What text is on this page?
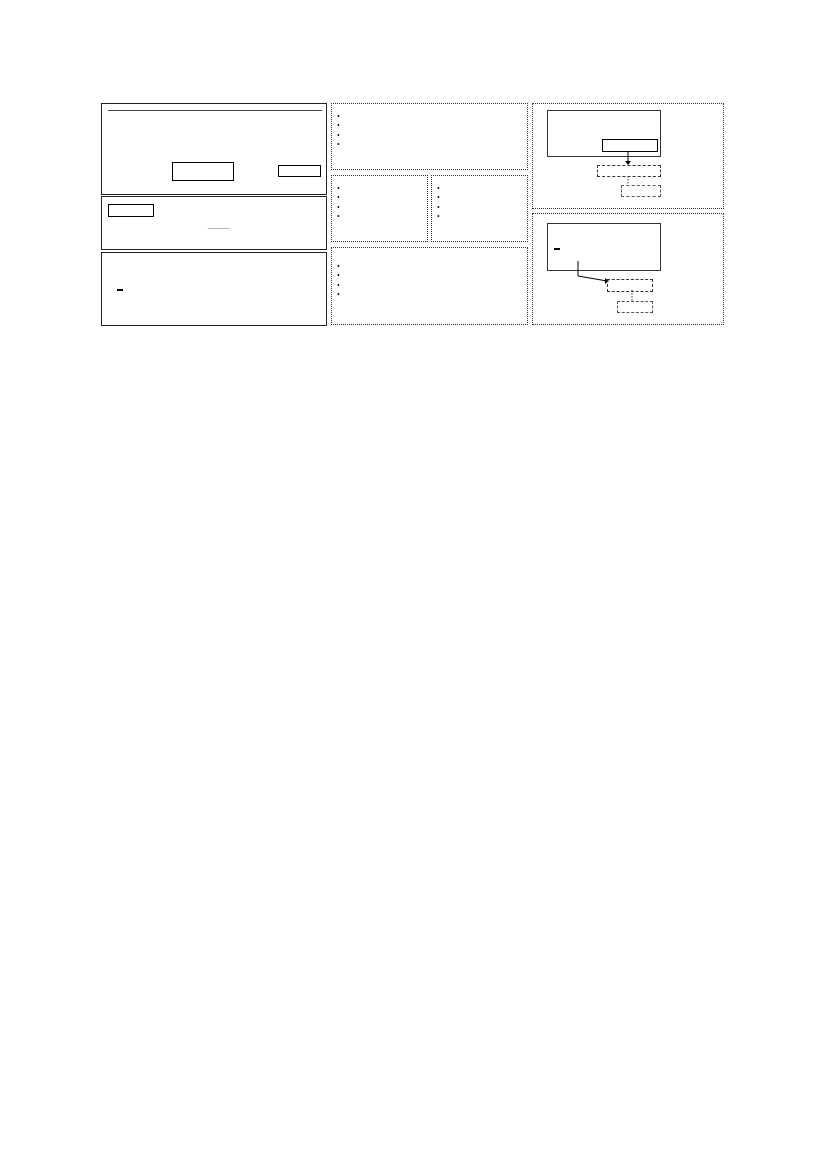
_______
•
•
•
•
•
•
•
•
•
•
•
•
•
•
•
•
